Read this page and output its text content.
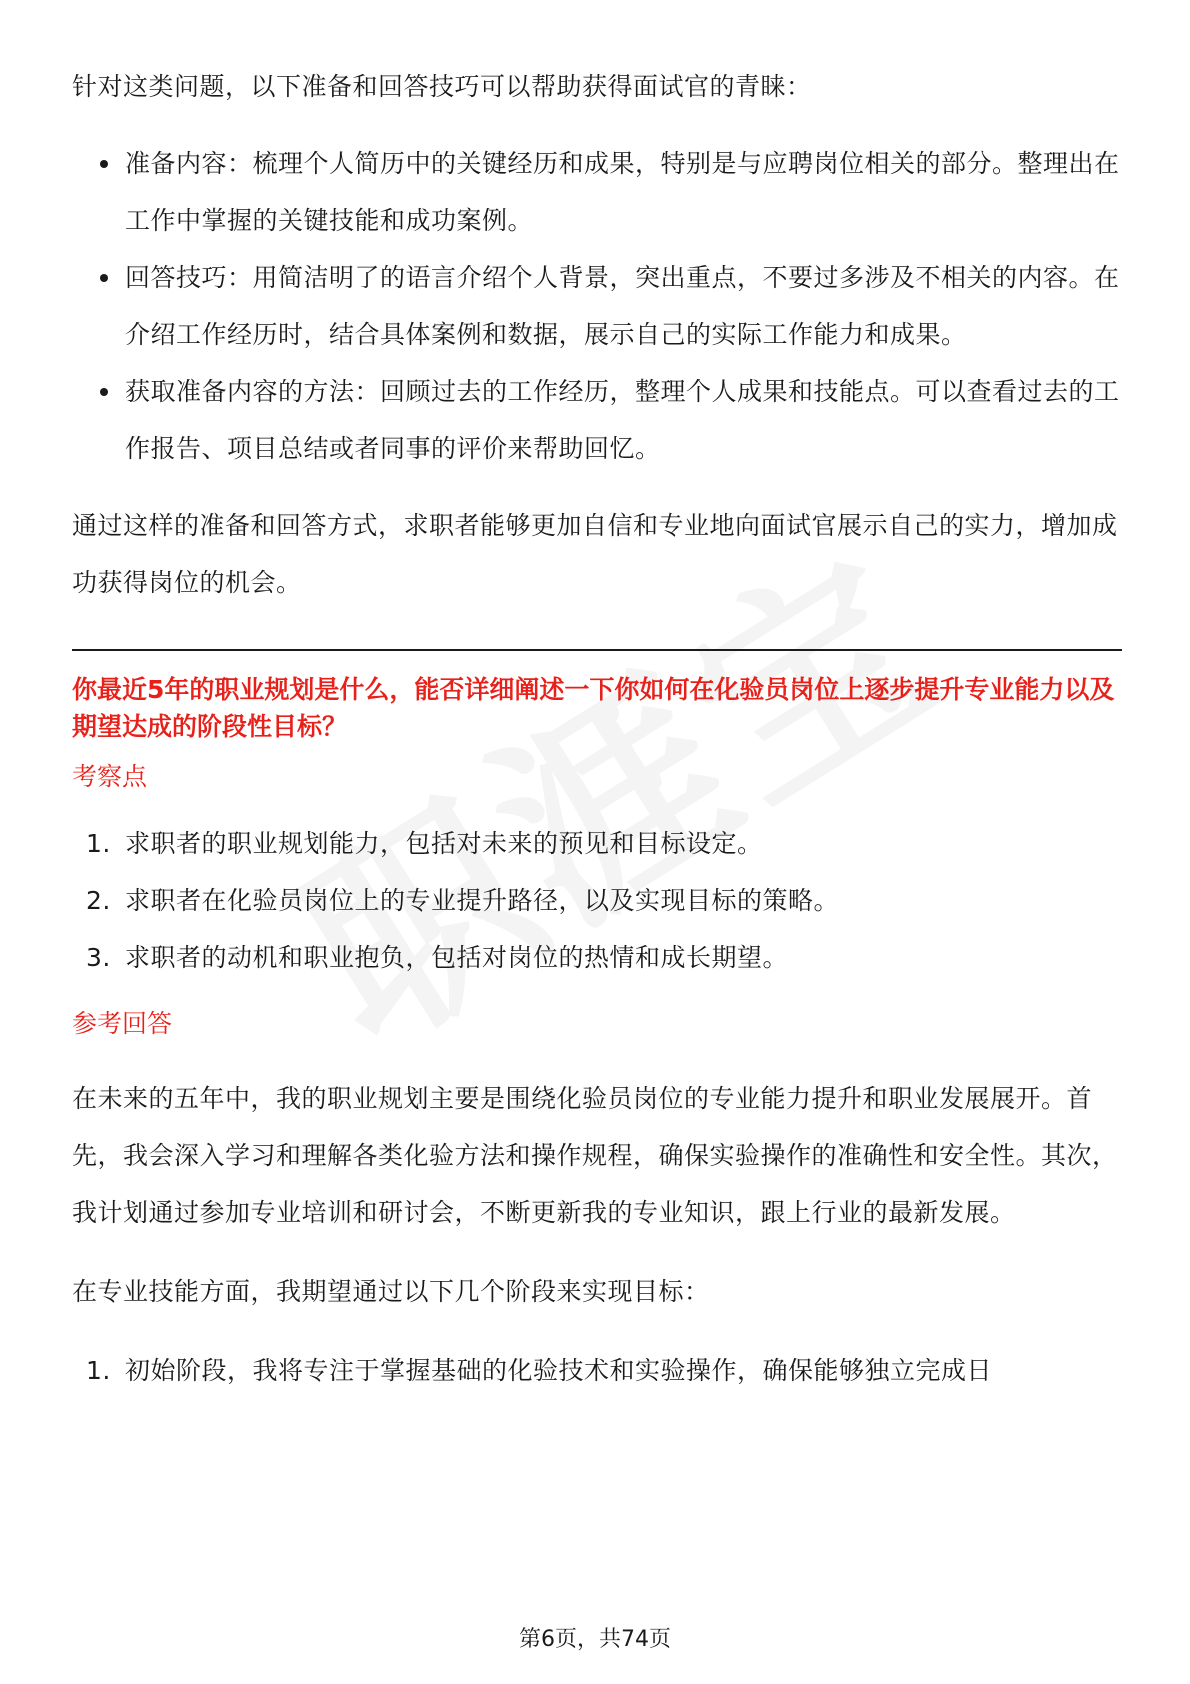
针对这类问题，以下准备和回答技巧可以帮助获得面试官的青睐：

准备内容：梳理个人简历中的关键经历和成果，特别是与应聘岗位相关的部分。整理出在工作中掌握的关键技能和成功案例。
回答技巧：用简洁明了的语言介绍个人背景，突出重点，不要过多涉及不相关的内容。在介绍工作经历时，结合具体案例和数据，展示自己的实际工作能力和成果。
获取准备内容的方法：回顾过去的工作经历，整理个人成果和技能点。可以查看过去的工作报告、项目总结或者同事的评价来帮助回忆。

通过这样的准备和回答方式，求职者能够更加自信和专业地向面试官展示自己的实力，增加成功获得岗位的机会。

你最近5年的职业规划是什么，能否详细阐述一下你如何在化验员岗位上逐步提升专业能力以及期望达成的阶段性目标？

考察点

1. 求职者的职业规划能力，包括对未来的预见和目标设定。
2. 求职者在化验员岗位上的专业提升路径，以及实现目标的策略。
3. 求职者的动机和职业抱负，包括对岗位的热情和成长期望。

参考回答

在未来的五年中，我的职业规划主要是围绕化验员岗位的专业能力提升和职业发展展开。首先，我会深入学习和理解各类化验方法和操作规程，确保实验操作的准确性和安全性。其次，我计划通过参加专业培训和研讨会，不断更新我的专业知识，跟上行业的最新发展。

在专业技能方面，我期望通过以下几个阶段来实现目标：

1. 初始阶段，我将专注于掌握基础的化验技术和实验操作，确保能够独立完成日
第6页，共74页
